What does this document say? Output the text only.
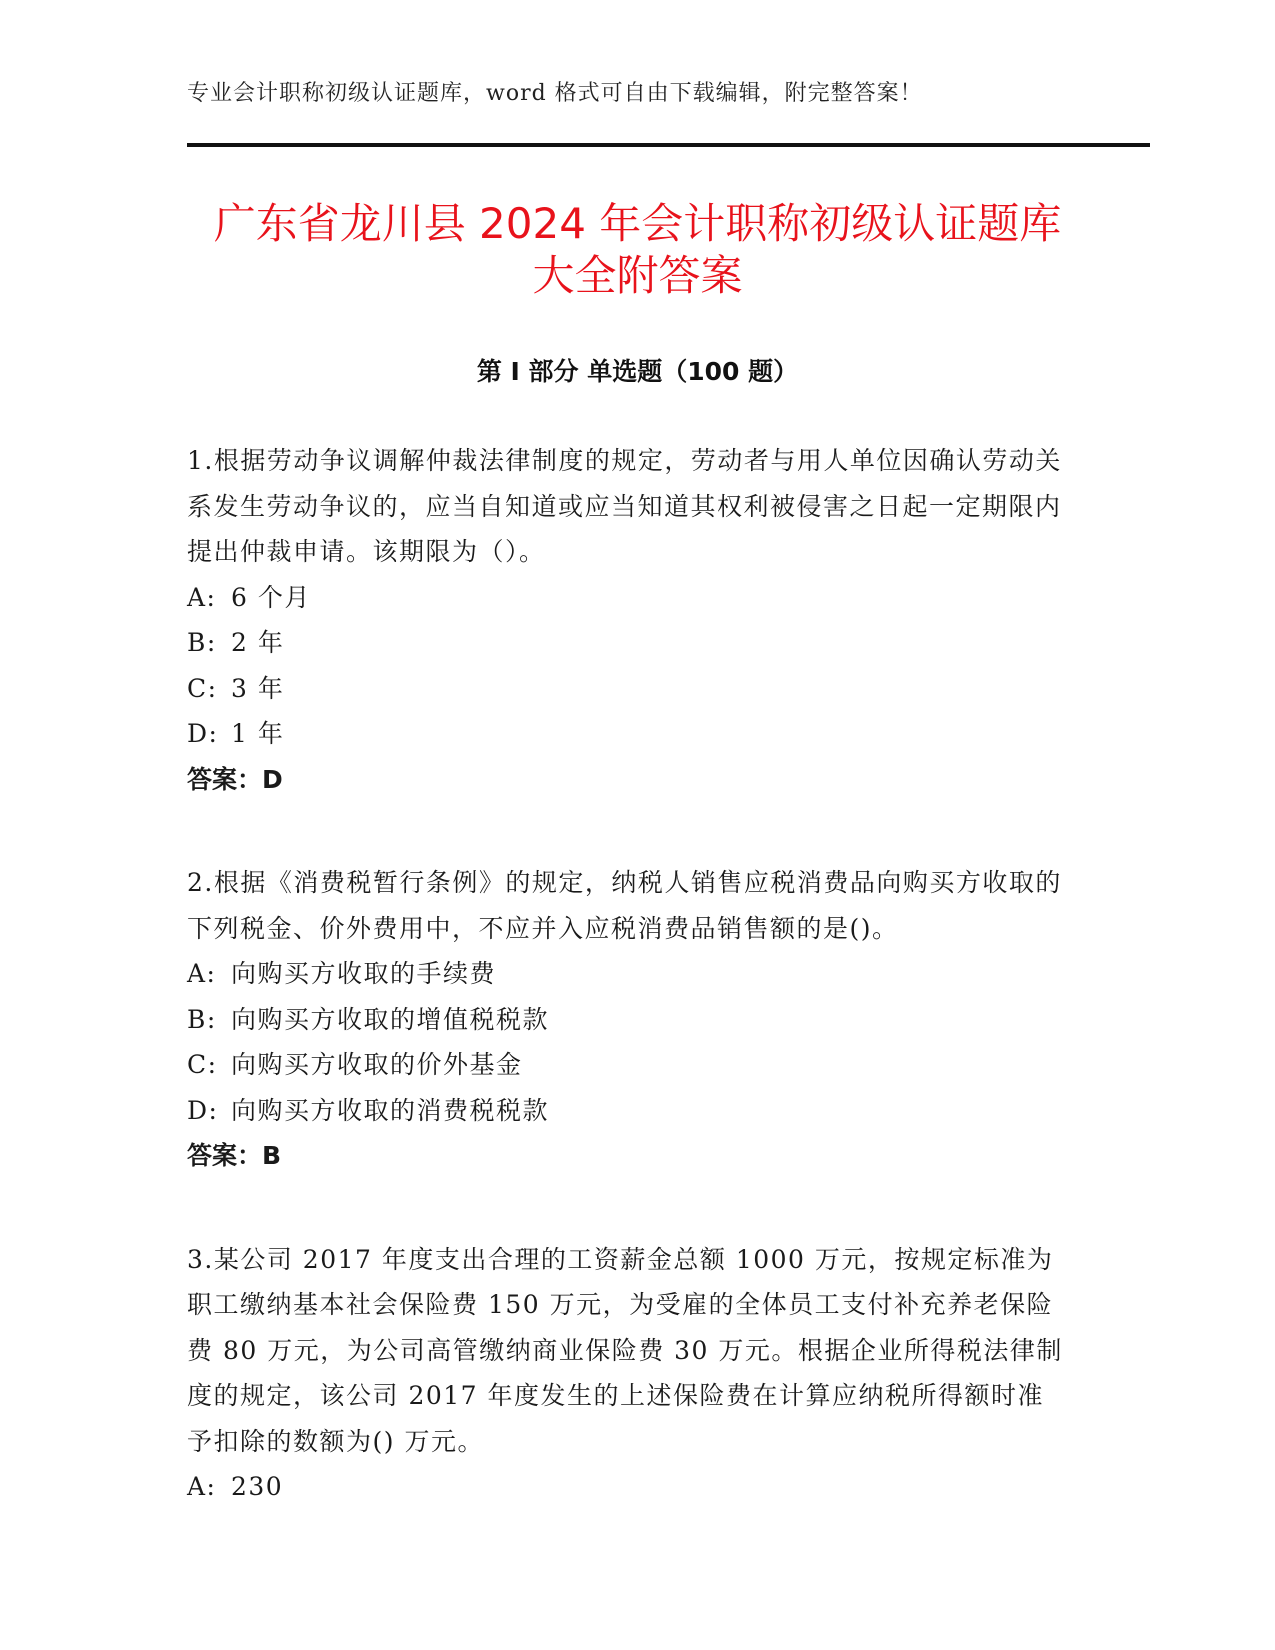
专业会计职称初级认证题库，word 格式可自由下载编辑，附完整答案！
广东省龙川县 2024 年会计职称初级认证题库
大全附答案
第 I 部分 单选题（100 题）
1.根据劳动争议调解仲裁法律制度的规定，劳动者与用人单位因确认劳动关系发生劳动争议的，应当自知道或应当知道其权利被侵害之日起一定期限内提出仲裁申请。该期限为（）。
A: 6 个月
B: 2 年
C: 3 年
D: 1 年
答案：D
2.根据《消费税暂行条例》的规定，纳税人销售应税消费品向购买方收取的下列税金、价外费用中，不应并入应税消费品销售额的是()。
A: 向购买方收取的手续费
B: 向购买方收取的增值税税款
C: 向购买方收取的价外基金
D: 向购买方收取的消费税税款
答案：B
3.某公司 2017 年度支出合理的工资薪金总额 1000 万元，按规定标准为职工缴纳基本社会保险费 150 万元，为受雇的全体员工支付补充养老保险费 80 万元，为公司高管缴纳商业保险费 30 万元。根据企业所得税法律制度的规定，该公司 2017 年度发生的上述保险费在计算应纳税所得额时准予扣除的数额为() 万元。
A: 230
